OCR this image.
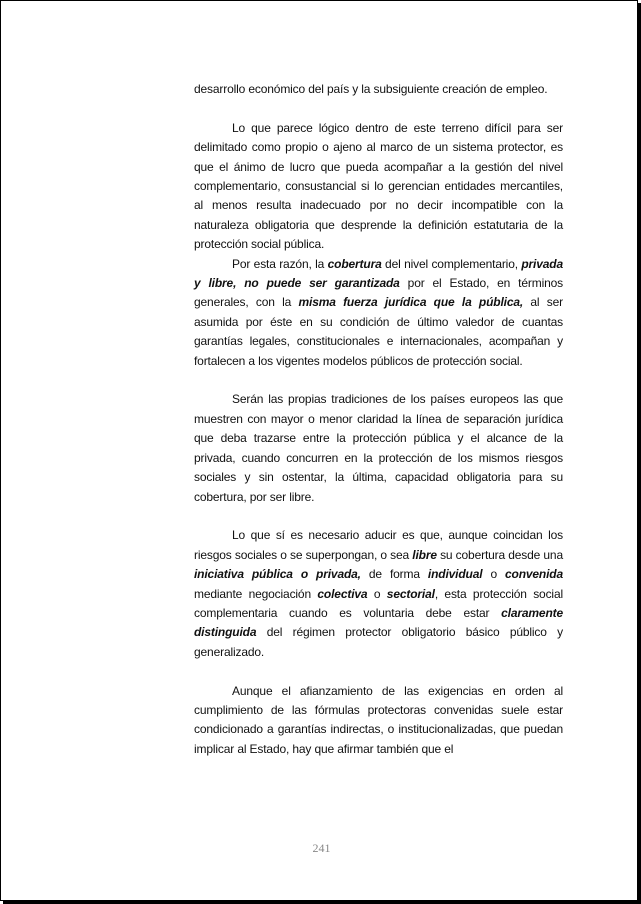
desarrollo económico del país y la subsiguiente creación de empleo.

Lo que parece lógico dentro de este terreno difícil para ser delimitado como propio o ajeno al marco de un sistema protector, es que el ánimo de lucro que pueda acompañar a la gestión del nivel complementario, consustancial si lo gerencian entidades mercantiles, al menos resulta inadecuado por no decir incompatible con la naturaleza obligatoria que desprende la definición estatutaria de la protección social pública.

Por esta razón, la cobertura del nivel complementario, privada y libre, no puede ser garantizada por el Estado, en términos generales, con la misma fuerza jurídica que la pública, al ser asumida por éste en su condición de último valedor de cuantas garantías legales, constitucionales e internacionales, acompañan y fortalecen a los vigentes modelos públicos de protección social.

Serán las propias tradiciones de los países europeos las que muestren con mayor o menor claridad la línea de separación jurídica que deba trazarse entre la protección pública y el alcance de la privada, cuando concurren en la protección de los mismos riesgos sociales y sin ostentar, la última, capacidad obligatoria para su cobertura, por ser libre.

Lo que sí es necesario aducir es que, aunque coincidan los riesgos sociales o se superpongan, o sea libre su cobertura desde una iniciativa pública o privada, de forma individual o convenida mediante negociación colectiva o sectorial, esta protección social complementaria cuando es voluntaria debe estar claramente distinguida del régimen protector obligatorio básico público y generalizado.

Aunque el afianzamiento de las exigencias en orden al cumplimiento de las fórmulas protectoras convenidas suele estar condicionado a garantías indirectas, o institucionalizadas, que puedan implicar al Estado, hay que afirmar también que el

241
